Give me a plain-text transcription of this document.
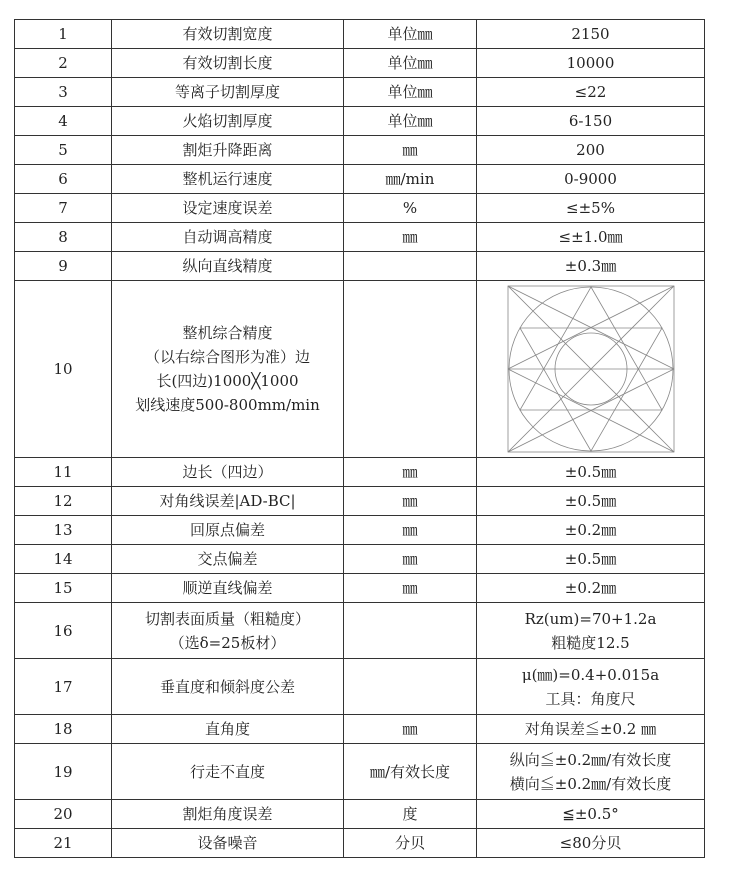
1	有效切割宽度	单位㎜	2150

2	有效切割长度	单位㎜	10000

3	等离子切割厚度	单位㎜	≤22

4	火焰切割厚度	单位㎜	6-150

5	割炬升降距离	㎜	200

6	整机运行速度	㎜/min	0-9000

7	设定速度误差	%	≤±5%

8	自动调高精度	㎜	≤±1.0㎜

9	纵向直线精度		±0.3㎜

10	整机综合精度
（以右综合图形为准）边
长(四边)1000╳1000
划线速度500-800mm/min

11	边长（四边）	㎜	±0.5㎜

12	对角线误差|AD-BC|	㎜	±0.5㎜

13	回原点偏差	㎜	±0.2㎜

14	交点偏差	㎜	±0.5㎜

15	顺逆直线偏差	㎜	±0.2㎜

16	切割表面质量（粗糙度）
（选δ=25板材）		Rz(um)=70+1.2a
粗糙度12.5

17	垂直度和倾斜度公差		μ(㎜)=0.4+0.015a
工具：角度尺

18	直角度	㎜	对角误差≦±0.2 ㎜

19	行走不直度	㎜/有效长度	纵向≦±0.2㎜/有效长度
横向≦±0.2㎜/有效长度

20	割炬角度误差	度	≦±0.5°

21	设备噪音	分贝	≤80分贝
